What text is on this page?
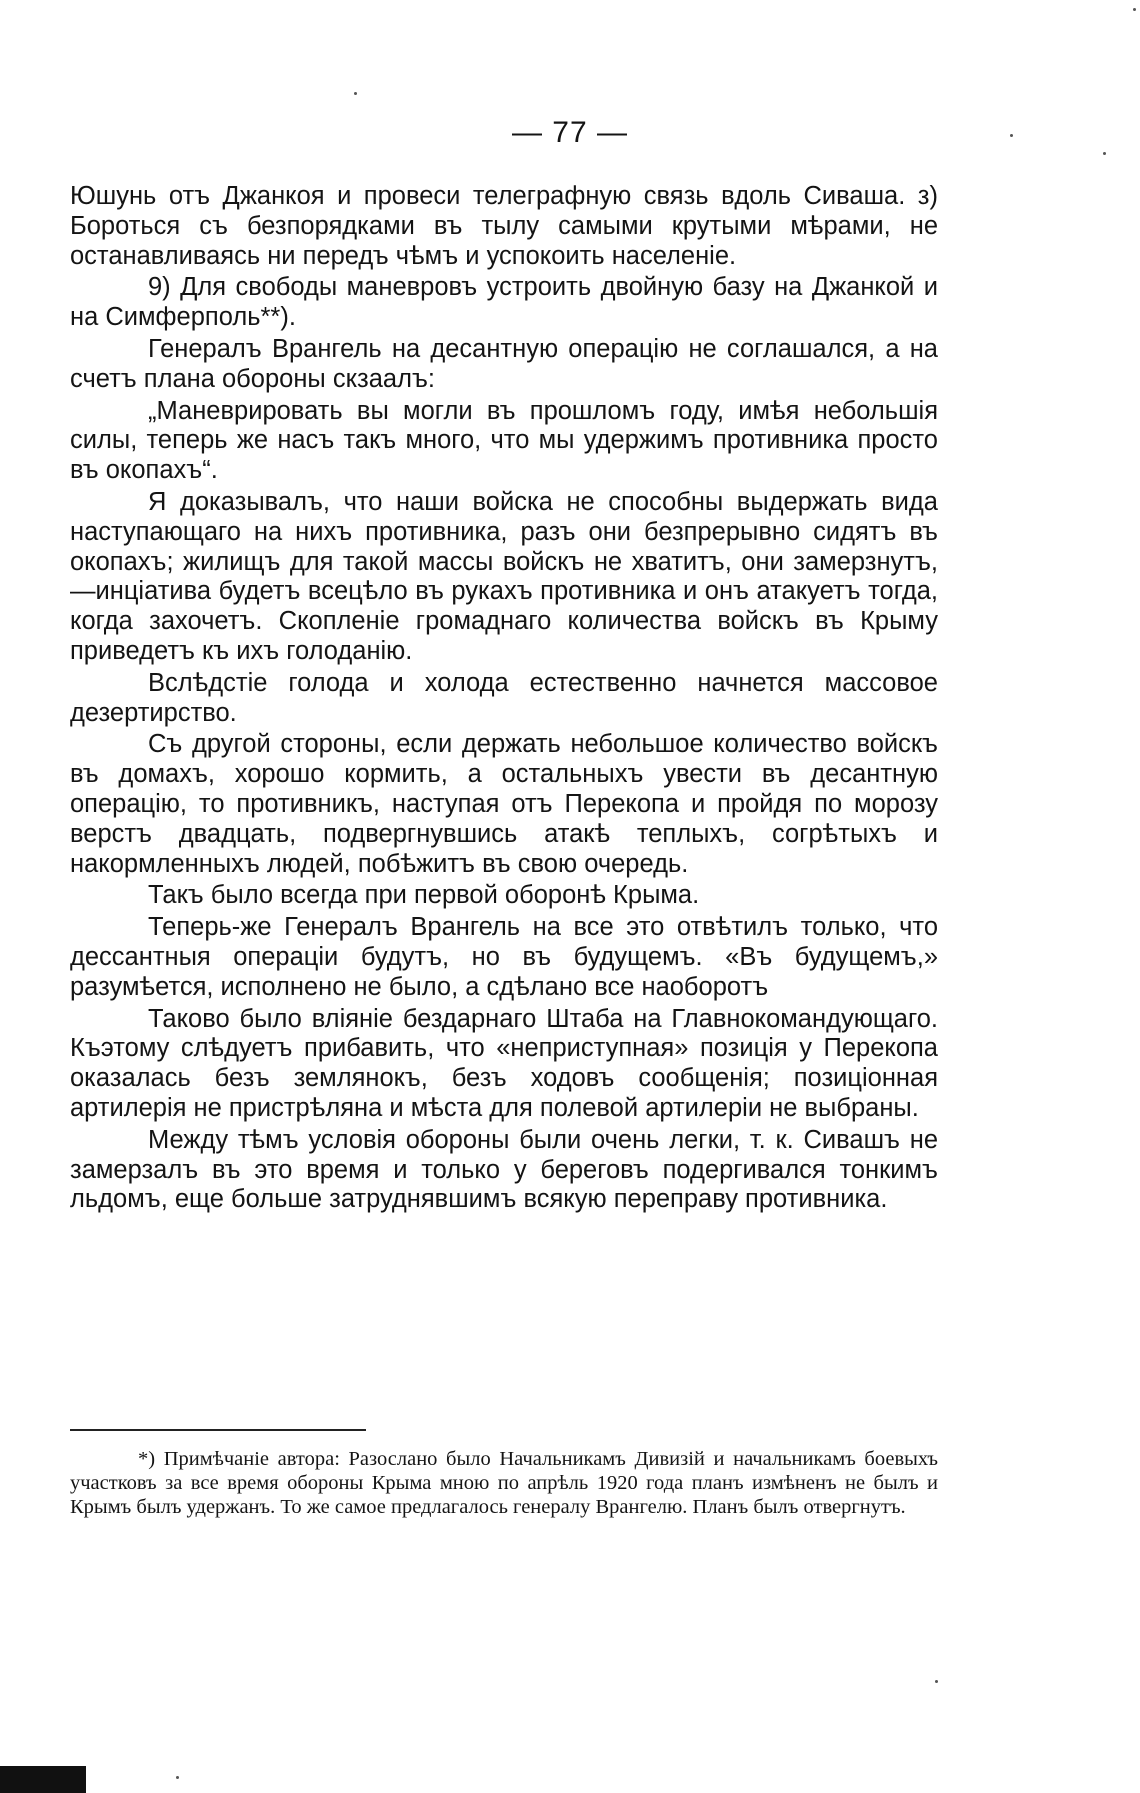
— 77 —

Юшунь отъ Джанкоя и провеси телеграфную связь вдоль Сиваша. з) Бороться съ безпорядками въ тылу самыми крутыми мѣрами, не останавливаясь ни передъ чѣмъ и успокоить населеніе.

9) Для свободы маневровъ устроить двойную базу на Джанкой и на Симферполь**).

Генералъ Врангель на десантную операцію не соглашался, а на счетъ плана обороны скзаалъ:

„Маневрировать вы могли въ прошломъ году, имѣя небольшія силы, теперь же насъ такъ много, что мы удержимъ противника просто въ окопахъ“.

Я доказывалъ, что наши войска не способны выдержать вида наступающаго на нихъ противника, разъ они безпрерывно сидятъ въ окопахъ; жилищъ для такой массы войскъ не хватитъ, они замерзнутъ,—инціатива будетъ всецѣло въ рукахъ противника и онъ атакуетъ тогда, когда захочетъ. Скопленіе громаднаго количества войскъ въ Крыму приведетъ къ ихъ голоданію.

Вслѣдстіе голода и холода естественно начнется массовое дезертирство.

Съ другой стороны, если держать небольшое количество войскъ въ домахъ, хорошо кормить, а остальныхъ увести въ десантную операцію, то противникъ, наступая отъ Перекопа и пройдя по морозу верстъ двадцать, подвергнувшись атакѣ теплыхъ, согрѣтыхъ и накормленныхъ людей, побѣжитъ въ свою очередь.

Такъ было всегда при первой оборонѣ Крыма.

Теперь-же Генералъ Врангель на все это отвѣтилъ только, что дессантныя операціи будутъ, но въ будущемъ. «Въ будущемъ,» разумѣется, исполнено не было, а сдѣлано все наоборотъ

Таково было вліяніе бездарнаго Штаба на Главнокомандующаго. Къэтому слѣдуетъ прибавить, что «неприступная» позиція у Перекопа оказалась безъ землянокъ, безъ ходовъ сообщенія; позиціонная артилерія не пристрѣляна и мѣста для полевой артилеріи не выбраны.

Между тѣмъ условія обороны были очень легки, т. к. Сивашъ не замерзалъ въ это время и только у береговъ подергивался тонкимъ льдомъ, еще больше затруднявшимъ всякую переправу противника.

*) Примѣчаніе автора: Разослано было Начальникамъ Дивизій и начальникамъ боевыхъ участковъ за все время обороны Крыма мною по апрѣль 1920 года планъ измѣненъ не былъ и Крымъ былъ удержанъ. То же самое предлагалось генералу Врангелю. Планъ былъ отвергнутъ.
